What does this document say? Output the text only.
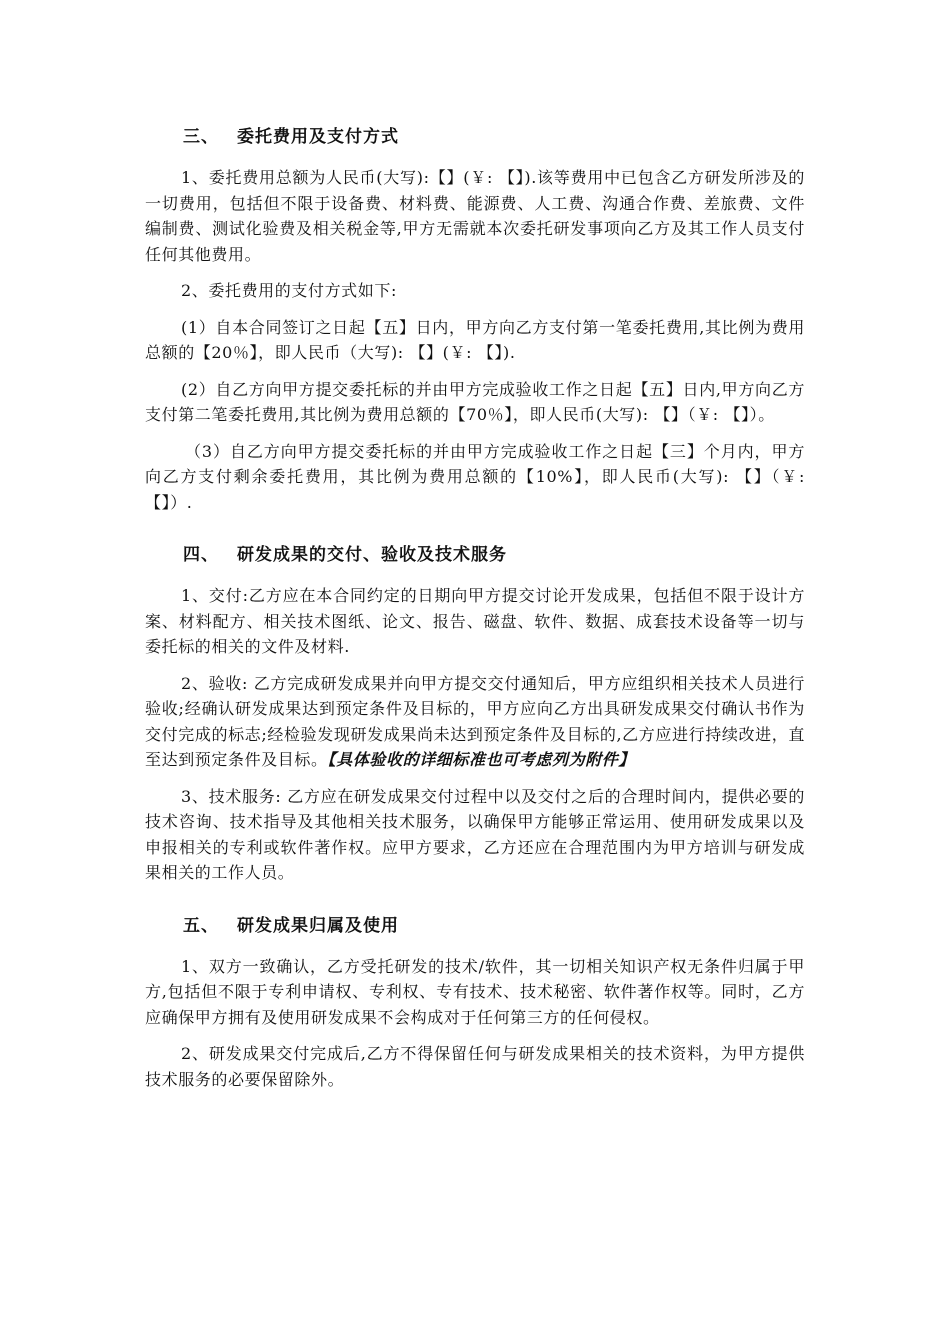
三、 委托费用及支付方式

1、委托费用总额为人民币(大写):【】(￥: 【】).该等费用中已包含乙方研发所涉及的一切费用，包括但不限于设备费、材料费、能源费、人工费、沟通合作费、差旅费、文件编制费、测试化验费及相关税金等,甲方无需就本次委托研发事项向乙方及其工作人员支付任何其他费用。

2、委托费用的支付方式如下:

(1）自本合同签订之日起【五】日内，甲方向乙方支付第一笔委托费用,其比例为费用总额的【20％】，即人民币（大写): 【】(￥: 【】).

(2）自乙方向甲方提交委托标的并由甲方完成验收工作之日起【五】日内,甲方向乙方支付第二笔委托费用,其比例为费用总额的【70％】，即人民币(大写): 【】（￥: 【】）。

（3）自乙方向甲方提交委托标的并由甲方完成验收工作之日起【三】个月内，甲方向乙方支付剩余委托费用，其比例为费用总额的【10%】，即人民币(大写): 【】（￥: 【】）.

四、 研发成果的交付、验收及技术服务

1、交付:乙方应在本合同约定的日期向甲方提交讨论开发成果，包括但不限于设计方案、材料配方、相关技术图纸、论文、报告、磁盘、软件、数据、成套技术设备等一切与委托标的相关的文件及材料.

2、验收: 乙方完成研发成果并向甲方提交交付通知后，甲方应组织相关技术人员进行验收;经确认研发成果达到预定条件及目标的，甲方应向乙方出具研发成果交付确认书作为交付完成的标志;经检验发现研发成果尚未达到预定条件及目标的,乙方应进行持续改进，直至达到预定条件及目标。【具体验收的详细标准也可考虑列为附件】

3、技术服务: 乙方应在研发成果交付过程中以及交付之后的合理时间内，提供必要的技术咨询、技术指导及其他相关技术服务，以确保甲方能够正常运用、使用研发成果以及申报相关的专利或软件著作权。应甲方要求，乙方还应在合理范围内为甲方培训与研发成果相关的工作人员。

五、 研发成果归属及使用

1、双方一致确认，乙方受托研发的技术/软件，其一切相关知识产权无条件归属于甲方,包括但不限于专利申请权、专利权、专有技术、技术秘密、软件著作权等。同时，乙方应确保甲方拥有及使用研发成果不会构成对于任何第三方的任何侵权。

2、研发成果交付完成后,乙方不得保留任何与研发成果相关的技术资料，为甲方提供技术服务的必要保留除外。
